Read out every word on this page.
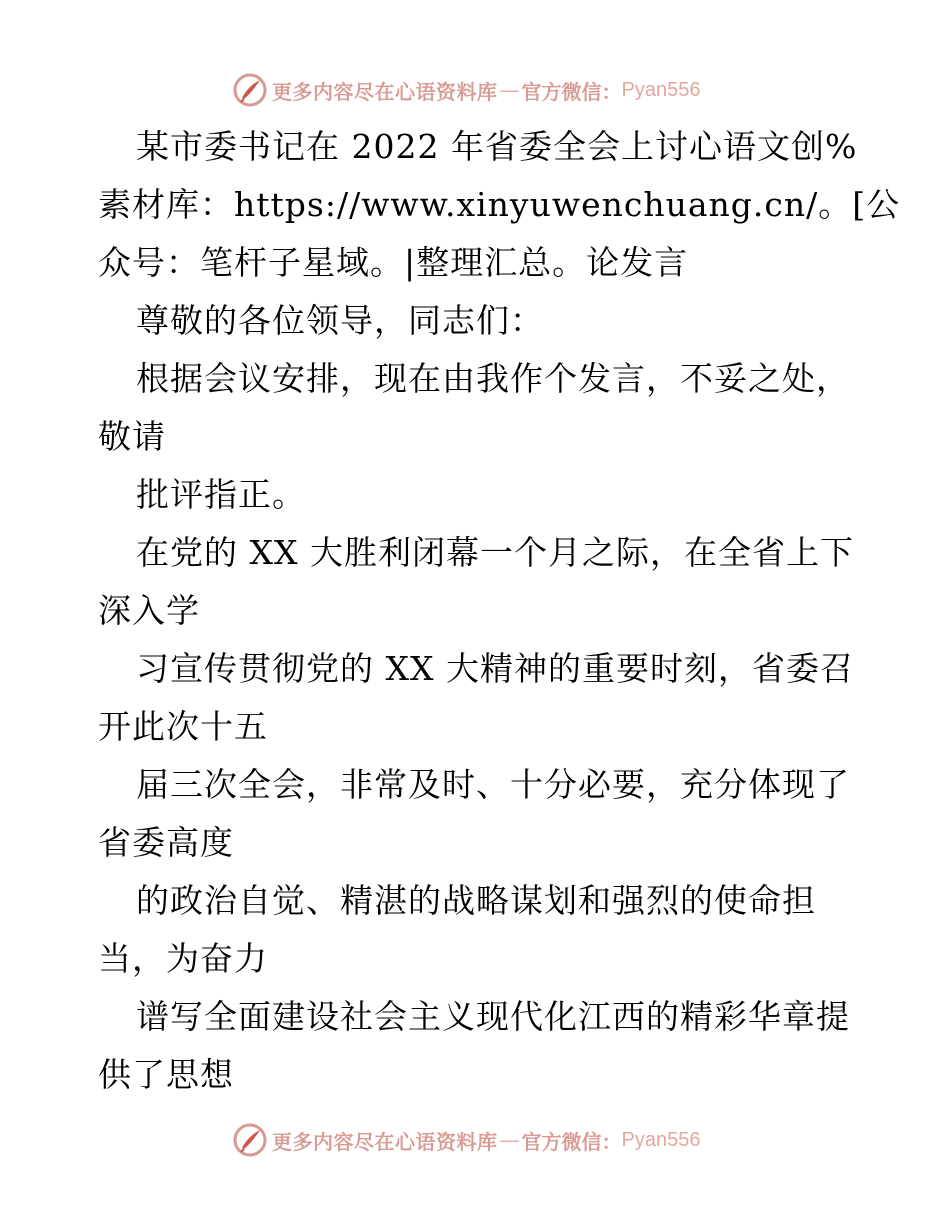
更多内容尽在心语资料库 — 官方微信： Pyan556
某市委书记在 2022 年省委全会上讨心语文创%
素材库：https://www.xinyuwenchuang.cn/。[公
众号：笔杆子星域。|整理汇总。论发言
尊敬的各位领导，同志们：
根据会议安排，现在由我作个发言，不妥之处，
敬请
批评指正。
在党的 XX 大胜利闭幕一个月之际，在全省上下
深入学
习宣传贯彻党的 XX 大精神的重要时刻，省委召
开此次十五
届三次全会，非常及时、十分必要，充分体现了
省委高度
的政治自觉、精湛的战略谋划和强烈的使命担
当，为奋力
谱写全面建设社会主义现代化江西的精彩华章提
供了思想
更多内容尽在心语资料库 — 官方微信： Pyan556
